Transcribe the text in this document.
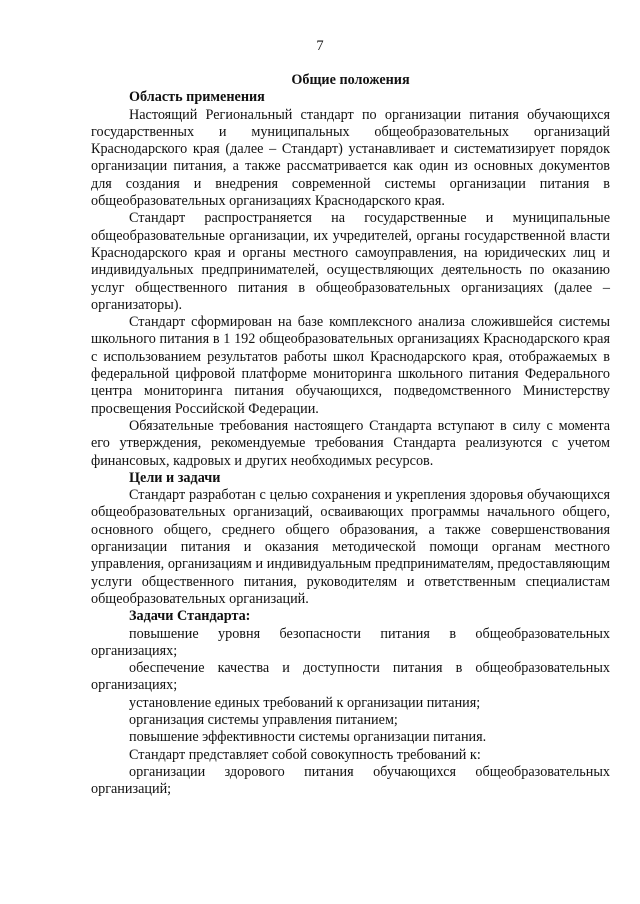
7

Общие положения

Область применения

Настоящий Региональный стандарт по организации питания обучающихся государственных и муниципальных общеобразовательных организаций Краснодарского края (далее – Стандарт) устанавливает и систематизирует порядок организации питания, а также рассматривается как один из основных документов для создания и внедрения современной системы организации питания в общеобразовательных организациях Краснодарского края.

Стандарт распространяется на государственные и муниципальные общеобразовательные организации, их учредителей, органы государственной власти Краснодарского края и органы местного самоуправления, на юридических лиц и индивидуальных предпринимателей, осуществляющих деятельность по оказанию услуг общественного питания в общеобразовательных организациях (далее – организаторы).

Стандарт сформирован на базе комплексного анализа сложившейся системы школьного питания в 1 192 общеобразовательных организациях Краснодарского края с использованием результатов работы школ Краснодарского края, отображаемых в федеральной цифровой платформе мониторинга школьного питания Федерального центра мониторинга питания обучающихся, подведомственного Министерству просвещения Российской Федерации.

Обязательные требования настоящего Стандарта вступают в силу с момента его утверждения, рекомендуемые требования Стандарта реализуются с учетом финансовых, кадровых и других необходимых ресурсов.

Цели и задачи

Стандарт разработан с целью сохранения и укрепления здоровья обучающихся общеобразовательных организаций, осваивающих программы начального общего, основного общего, среднего общего образования, а также совершенствования организации питания и оказания методической помощи органам местного управления, организациям и индивидуальным предпринимателям, предоставляющим услуги общественного питания, руководителям и ответственным специалистам общеобразовательных организаций.

Задачи Стандарта:

повышение уровня безопасности питания в общеобразовательных организациях;

обеспечение качества и доступности питания в общеобразовательных организациях;

установление единых требований к организации питания;

организация системы управления питанием;

повышение эффективности системы организации питания.

Стандарт представляет собой совокупность требований к:

организации здорового питания обучающихся общеобразовательных организаций;
